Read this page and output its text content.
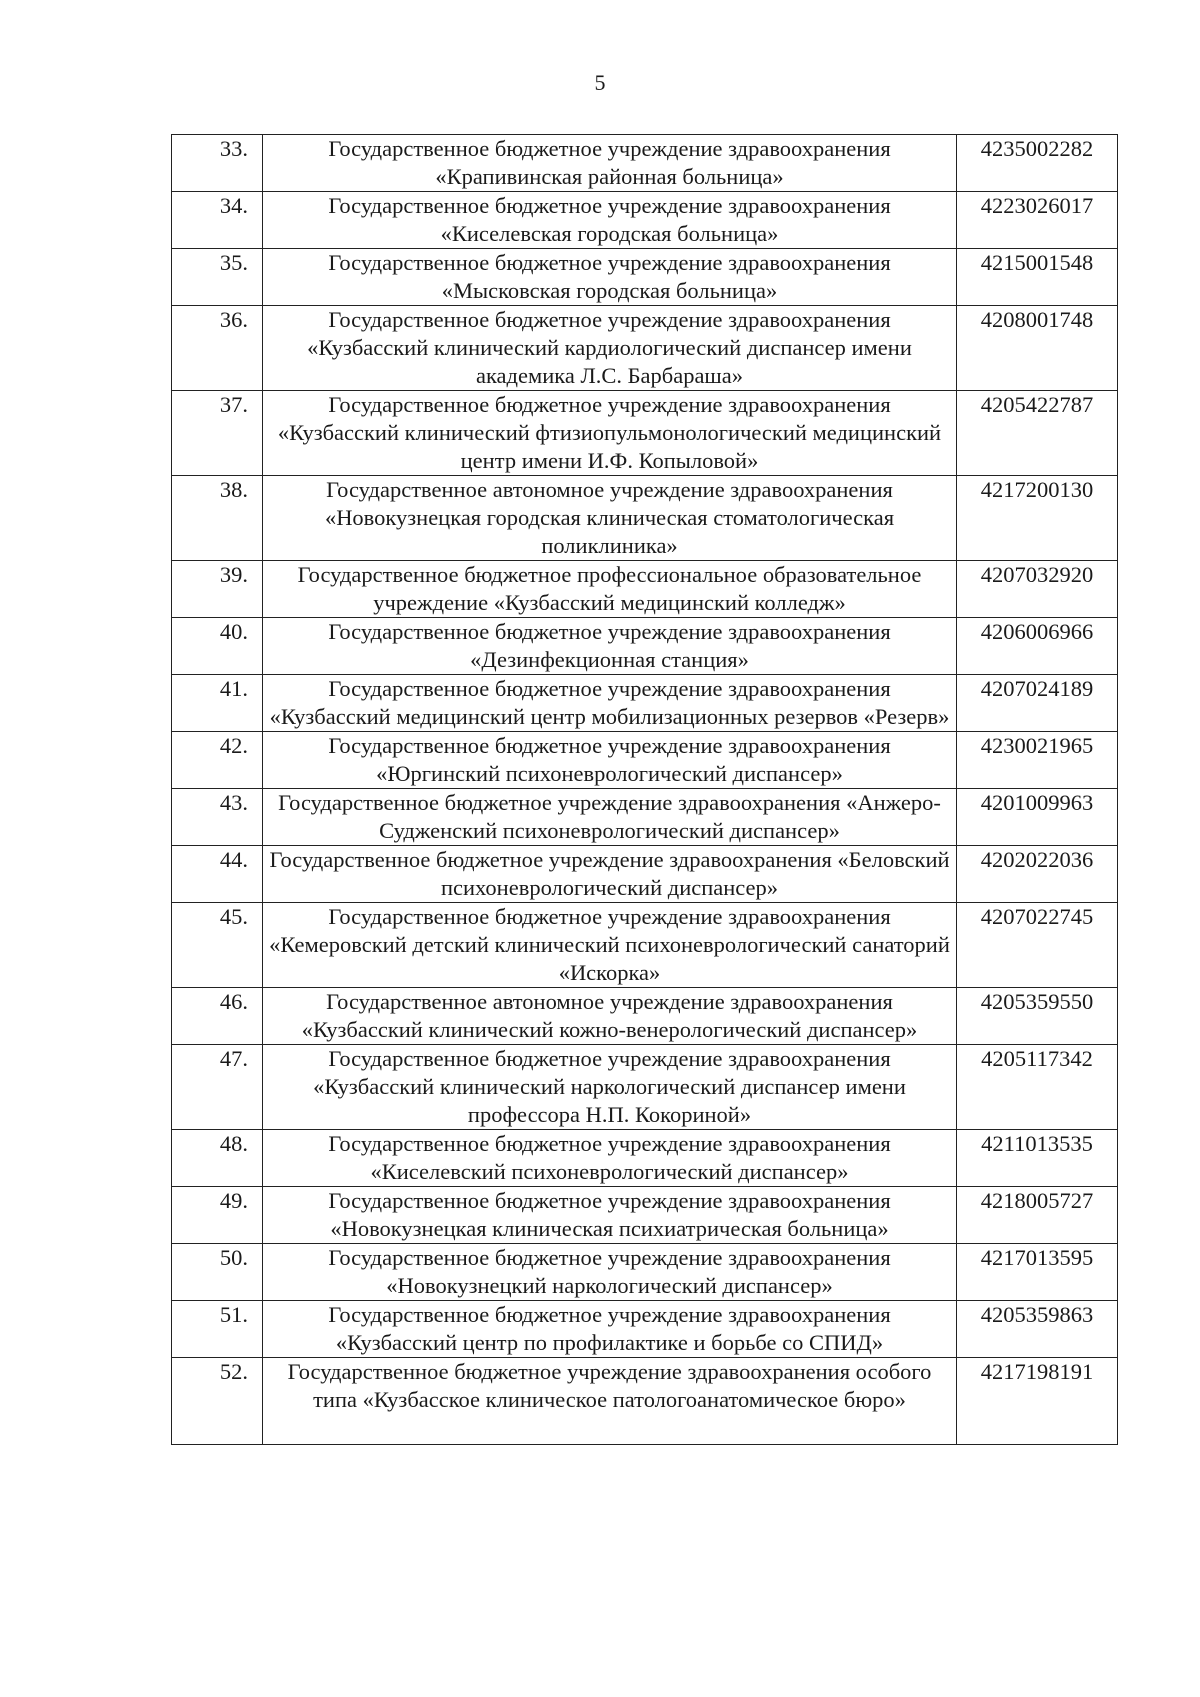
5
33.	Государственное бюджетное учреждение здравоохранения «Крапивинская районная больница»	4235002282
34.	Государственное бюджетное учреждение здравоохранения «Киселевская городская больница»	4223026017
35.	Государственное бюджетное учреждение здравоохранения «Мысковская городская больница»	4215001548
36.	Государственное бюджетное учреждение здравоохранения «Кузбасский клинический кардиологический диспансер имени академика Л.С. Барбараша»	4208001748
37.	Государственное бюджетное учреждение здравоохранения «Кузбасский клинический фтизиопульмонологический медицинский центр имени И.Ф. Копыловой»	4205422787
38.	Государственное автономное учреждение здравоохранения «Новокузнецкая городская клиническая стоматологическая поликлиника»	4217200130
39.	Государственное бюджетное профессиональное образовательное учреждение «Кузбасский медицинский колледж»	4207032920
40.	Государственное бюджетное учреждение здравоохранения «Дезинфекционная станция»	4206006966
41.	Государственное бюджетное учреждение здравоохранения «Кузбасский медицинский центр мобилизационных резервов «Резерв»	4207024189
42.	Государственное бюджетное учреждение здравоохранения «Юргинский психоневрологический диспансер»	4230021965
43.	Государственное бюджетное учреждение здравоохранения «Анжеро-Судженский психоневрологический диспансер»	4201009963
44.	Государственное бюджетное учреждение здравоохранения «Беловский психоневрологический диспансер»	4202022036
45.	Государственное бюджетное учреждение здравоохранения «Кемеровский детский клинический психоневрологический санаторий «Искорка»	4207022745
46.	Государственное автономное учреждение здравоохранения «Кузбасский клинический кожно-венерологический диспансер»	4205359550
47.	Государственное бюджетное учреждение здравоохранения «Кузбасский клинический наркологический диспансер имени профессора Н.П. Кокориной»	4205117342
48.	Государственное бюджетное учреждение здравоохранения «Киселевский психоневрологический диспансер»	4211013535
49.	Государственное бюджетное учреждение здравоохранения «Новокузнецкая клиническая психиатрическая больница»	4218005727
50.	Государственное бюджетное учреждение здравоохранения «Новокузнецкий наркологический диспансер»	4217013595
51.	Государственное бюджетное учреждение здравоохранения «Кузбасский центр по профилактике и борьбе со СПИД»	4205359863
52.	Государственное бюджетное учреждение здравоохранения особого типа «Кузбасское клиническое патологоанатомическое бюро»	4217198191
